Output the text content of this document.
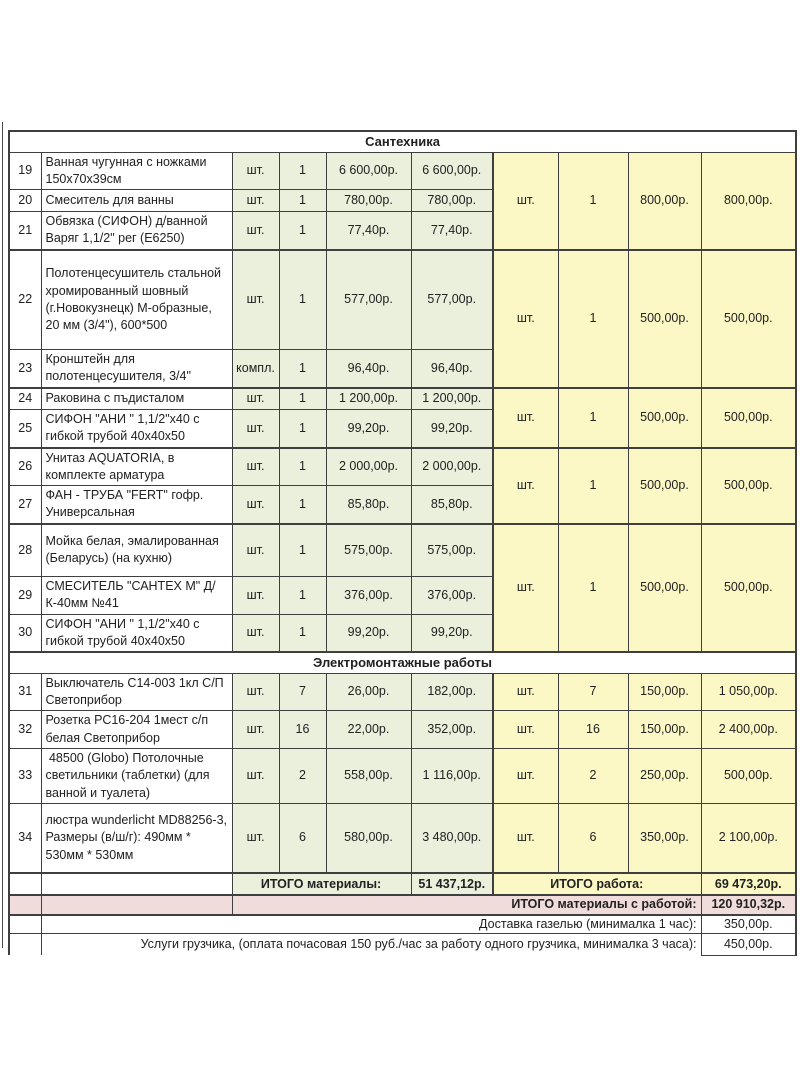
Сантехника									
19	Ванная чугунная с ножками 150х70х39см	шт.	1	6 600,00р.	6 600,00р.	шт.	1	800,00р.	800,00р.
20	Смеситель для ванны	шт.	1	780,00р.	780,00р.				
21	Обвязка (СИФОН) д/ванной Варяг 1,1/2" рег (Е6250)	шт.	1	77,40р.	77,40р.				
22	Полотенцесушитель стальной хромированный шовный (г.Новокузнецк) М-образные, 20 мм (3/4"), 600*500	шт.	1	577,00р.	577,00р.	шт.	1	500,00р.	500,00р.
23	Кронштейн для полотенцесушителя, 3/4"	компл.	1	96,40р.	96,40р.				
24	Раковина с пъдисталом	шт.	1	1 200,00р.	1 200,00р.	шт.	1	500,00р.	500,00р.
25	СИФОН "АНИ " 1,1/2"х40 с гибкой трубой 40х40х50	шт.	1	99,20р.	99,20р.				
26	Унитаз AQUATORIA, в комплекте арматура	шт.	1	2 000,00р.	2 000,00р.	шт.	1	500,00р.	500,00р.
27	ФАН - ТРУБА "FERT" гофр. Универсальная	шт.	1	85,80р.	85,80р.				
28	Мойка белая, эмалированная (Беларусь) (на кухню)	шт.	1	575,00р.	575,00р.	шт.	1	500,00р.	500,00р.
29	СМЕСИТЕЛЬ "САНТЕХ М" Д/К-40мм №41	шт.	1	376,00р.	376,00р.				
30	СИФОН "АНИ " 1,1/2"х40 с гибкой трубой 40х40х50	шт.	1	99,20р.	99,20р.				
Электромонтажные работы									
31	Выключатель С14-003 1кл С/П Светоприбор	шт.	7	26,00р.	182,00р.	шт.	7	150,00р.	1 050,00р.
32	Розетка РС16-204 1мест с/п белая Светоприбор	шт.	16	22,00р.	352,00р.	шт.	16	150,00р.	2 400,00р.
33	48500 (Globo) Потолочные светильники (таблетки) (для ванной и туалета)	шт.	2	558,00р.	1 116,00р.	шт.	2	250,00р.	500,00р.
34	люстра wunderlicht MD88256-3, Размеры (в/ш/г): 490мм * 530мм * 530мм	шт.	6	580,00р.	3 480,00р.	шт.	6	350,00р.	2 100,00р.
		ИТОГО материалы:			51 437,12р.	ИТОГО работа:			69 473,20р.
		ИТОГО материалы с работой:							120 910,32р.
	Доставка газелью (минималка 1 час):								350,00р.
	Услуги грузчика, (оплата почасовая 150 руб./час за работу одного грузчика, минималка 3 часа):								450,00р.
